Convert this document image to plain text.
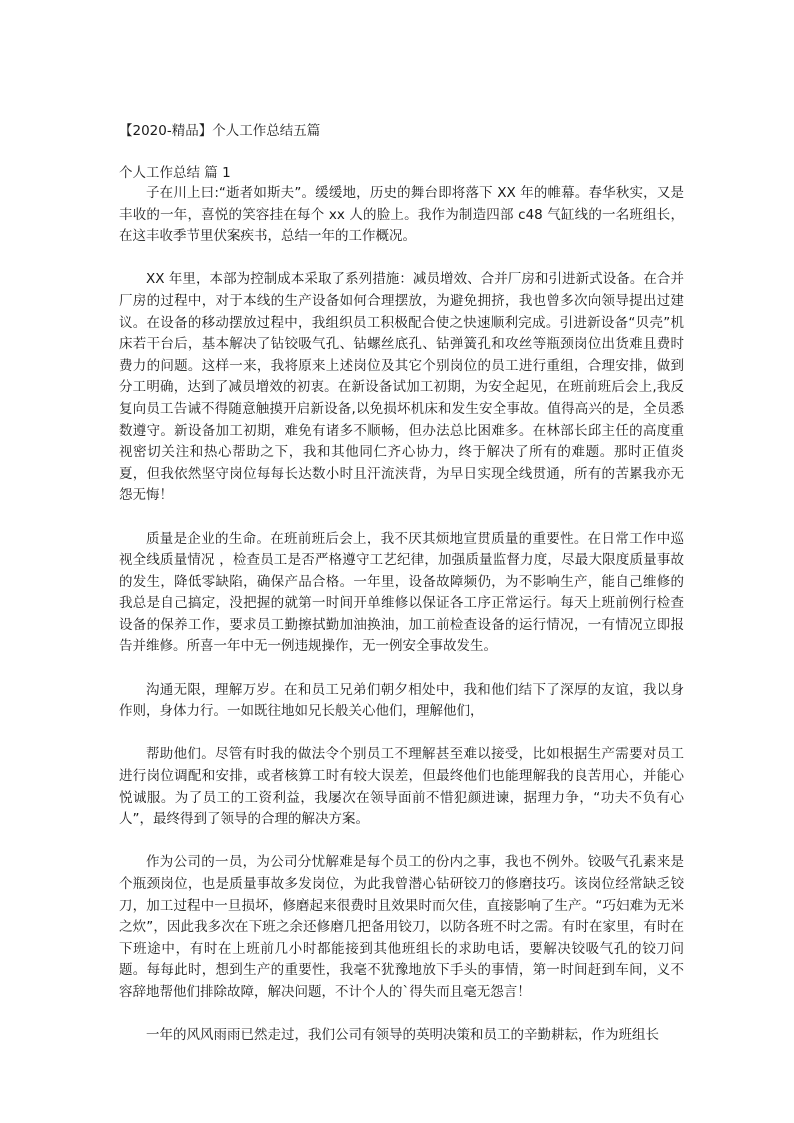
【2020-精品】个人工作总结五篇
个人工作总结 篇 1

子在川上曰:“逝者如斯夫”。缓缓地，历史的舞台即将落下 XX 年的帷幕。春华秋实，又是丰收的一年，喜悦的笑容挂在每个 xx 人的脸上。我作为制造四部 c48 气缸线的一名班组长，在这丰收季节里伏案疾书，总结一年的工作概况。

XX 年里，本部为控制成本采取了系列措施：减员增效、合并厂房和引进新式设备。在合并厂房的过程中，对于本线的生产设备如何合理摆放，为避免拥挤，我也曾多次向领导提出过建议。在设备的移动摆放过程中，我组织员工积极配合使之快速顺利完成。引进新设备“贝壳”机床若干台后，基本解决了钻铰吸气孔、钻螺丝底孔、钻弹簧孔和攻丝等瓶颈岗位出货难且费时费力的问题。这样一来，我将原来上述岗位及其它个别岗位的员工进行重组，合理安排，做到分工明确，达到了减员增效的初衷。在新设备试加工初期，为安全起见，在班前班后会上,我反复向员工告诫不得随意触摸开启新设备,以免损坏机床和发生安全事故。值得高兴的是，全员悉数遵守。新设备加工初期，难免有诸多不顺畅，但办法总比困难多。在林部长邱主任的高度重视密切关注和热心帮助之下，我和其他同仁齐心协力，终于解决了所有的难题。那时正值炎夏，但我依然坚守岗位每每长达数小时且汗流浃背，为早日实现全线贯通，所有的苦累我亦无怨无悔！

质量是企业的生命。在班前班后会上，我不厌其烦地宣贯质量的重要性。在日常工作中巡视全线质量情况 ，检查员工是否严格遵守工艺纪律，加强质量监督力度，尽最大限度质量事故的发生，降低零缺陷，确保产品合格。一年里，设备故障频仍，为不影响生产，能自己维修的我总是自己搞定，没把握的就第一时间开单维修以保证各工序正常运行。每天上班前例行检查设备的保养工作，要求员工勤擦拭勤加油换油，加工前检查设备的运行情况，一有情况立即报告并维修。所喜一年中无一例违规操作，无一例安全事故发生。

沟通无限，理解万岁。在和员工兄弟们朝夕相处中，我和他们结下了深厚的友谊，我以身作则，身体力行。一如既往地如兄长般关心他们，理解他们，

帮助他们。尽管有时我的做法令个别员工不理解甚至难以接受，比如根据生产需要对员工进行岗位调配和安排，或者核算工时有较大误差，但最终他们也能理解我的良苦用心，并能心悦诚服。为了员工的工资利益，我屡次在领导面前不惜犯颜进谏，据理力争，“功夫不负有心人”，最终得到了领导的合理的解决方案。

作为公司的一员，为公司分忧解难是每个员工的份内之事，我也不例外。铰吸气孔素来是个瓶颈岗位，也是质量事故多发岗位，为此我曾潜心钻研铰刀的修磨技巧。该岗位经常缺乏铰刀，加工过程中一旦损坏，修磨起来很费时且效果时而欠佳，直接影响了生产。“巧妇难为无米之炊”，因此我多次在下班之余还修磨几把备用铰刀，以防各班不时之需。有时在家里，有时在下班途中，有时在上班前几小时都能接到其他班组长的求助电话，要解决铰吸气孔的铰刀问题。每每此时，想到生产的重要性，我毫不犹豫地放下手头的事情，第一时间赶到车间，义不容辞地帮他们排除故障，解决问题，不计个人的`得失而且毫无怨言！

一年的风风雨雨已然走过，我们公司有领导的英明决策和员工的辛勤耕耘，作为班组长
